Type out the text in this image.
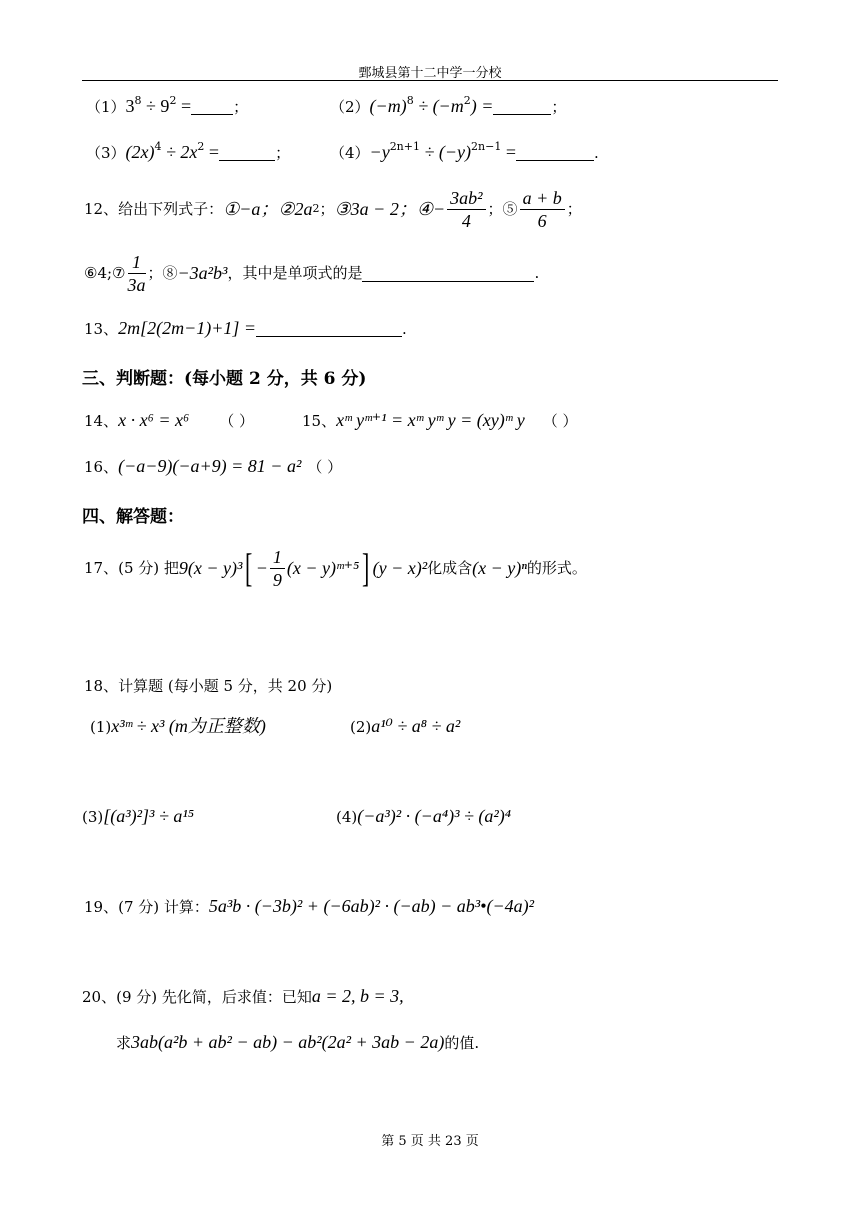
鄄城县第十二中学一分校
$(1)3^8 \div 9^2$ =	；	$(2)(-m)^8 \div (-m^2)$ =	；
$(3)(2x)^4 \div 2x^2$ =	；	$(4)-y^{2n+1} \div (-y)^{2n-1}$ =	.
12、给出下列式子： ①−a； ②2a 2 ； ③3a − 2； ④− $\frac{\text{3ab²}}{4}$ ；⑤ $\frac{a + b}{6}$ ；
⑥4; ⑦ $\frac{1}{3a}$ ；⑧ −3a²b³ ，其中是单项式的是	.
13、2m[2(2m−1)+1] =	.
三、判断题：(每小题 2 分，共 6 分)
14、x · x⁶ = x⁶ （ ）	15、xᵐ yᵐ⁺¹ = xᵐ yᵐ y = (xy)ᵐ y （ ）
16、(−a−9)(−a+9) = 81 − a² （ ）
四、解答题：
17、(5 分) 把 9(x − y)³ [ − $\frac{1}{9} (x$ − y)ᵐ⁺⁵ ] (y − x)² 化成含 (x − y)ⁿ 的形式。
18、计算题 (每小题 5 分，共 20 分)
(1)x³ᵐ ÷ x³ (m为正整数)	(2)a¹⁰ ÷ a⁸ ÷ a²
(3)[(a³)²]³ ÷ a¹⁵	(4)(−a³)² · (−a⁴)³ ÷ (a²)⁴
19、(7 分) 计算：5a³b · (−3b)² + (−6ab)² · (−ab) − ab³•(−4a)²
20、(9 分) 先化简，后求值：已知a = 2, b = 3,
求3ab(a²b + ab² − ab) − ab²(2a² + 3ab − 2a)的值.
第 5 页 共 23 页
